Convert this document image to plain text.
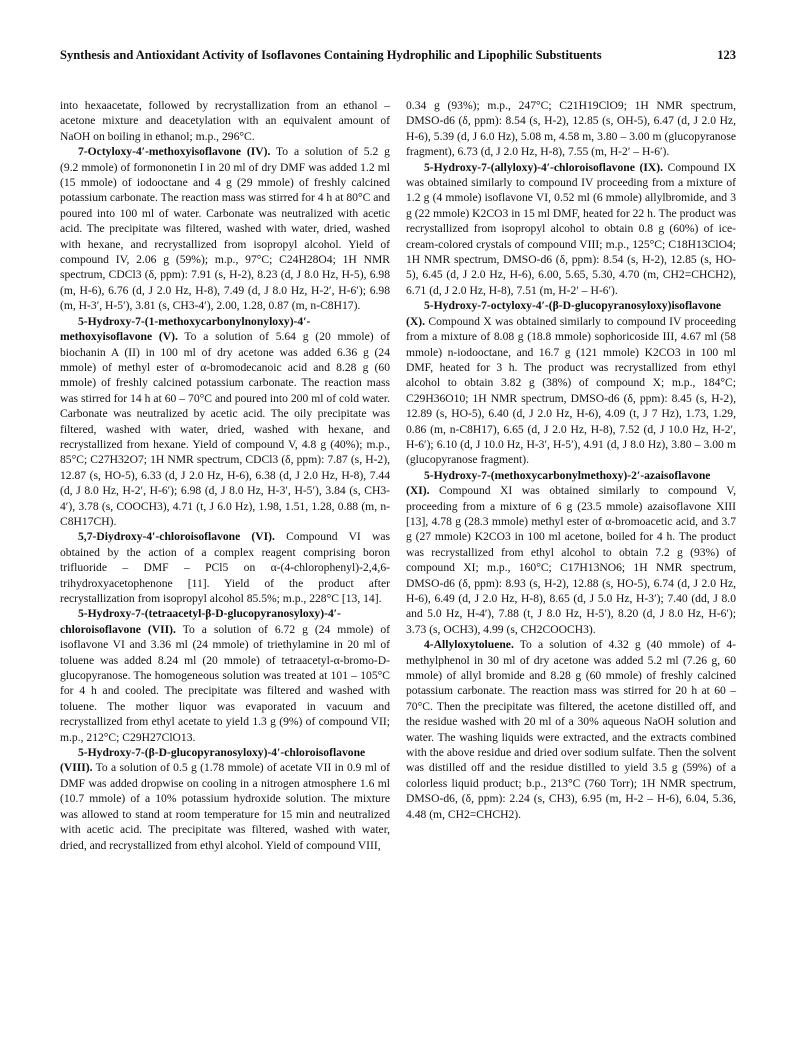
Synthesis and Antioxidant Activity of Isoflavones Containing Hydrophilic and Lipophilic Substituents	123

into hexaacetate, followed by recrystallization from an ethanol – acetone mixture and deacetylation with an equivalent amount of NaOH on boiling in ethanol; m.p., 296°C.

7-Octyloxy-4′-methoxyisoflavone (IV). To a solution of 5.2 g (9.2 mmole) of formononetin I in 20 ml of dry DMF was added 1.2 ml (15 mmole) of iodooctane and 4 g (29 mmole) of freshly calcined potassium carbonate. The reaction mass was stirred for 4 h at 80°C and poured into 100 ml of water. Carbonate was neutralized with acetic acid. The precipitate was filtered, washed with water, dried, washed with hexane, and recrystallized from isopropyl alcohol. Yield of compound IV, 2.06 g (59%); m.p., 97°C; C24H28O4; 1H NMR spectrum, CDCl3 (δ, ppm): 7.91 (s, H-2), 8.23 (d, J 8.0 Hz, H-5), 6.98 (m, H-6), 6.76 (d, J 2.0 Hz, H-8), 7.49 (d, J 8.0 Hz, H-2′, H-6′); 6.98 (m, H-3′, H-5′), 3.81 (s, CH3-4′), 2.00, 1.28, 0.87 (m, n-C8H17).

5-Hydroxy-7-(1-methoxycarbonylnonyloxy)-4′-methoxyisoflavone (V). To a solution of 5.64 g (20 mmole) of biochanin A (II) in 100 ml of dry acetone was added 6.36 g (24 mmole) of methyl ester of α-bromodecanoic acid and 8.28 g (60 mmole) of freshly calcined potassium carbonate. The reaction mass was stirred for 14 h at 60 – 70°C and poured into 200 ml of cold water. Carbonate was neutralized by acetic acid. The oily precipitate was filtered, washed with water, dried, washed with hexane, and recrystallized from hexane. Yield of compound V, 4.8 g (40%); m.p., 85°C; C27H32O7; 1H NMR spectrum, CDCl3 (δ, ppm): 7.87 (s, H-2), 12.87 (s, HO-5), 6.33 (d, J 2.0 Hz, H-6), 6.38 (d, J 2.0 Hz, H-8), 7.44 (d, J 8.0 Hz, H-2′, H-6′); 6.98 (d, J 8.0 Hz, H-3′, H-5′), 3.84 (s, CH3-4′), 3.78 (s, COOCH3), 4.71 (t, J 6.0 Hz), 1.98, 1.51, 1.28, 0.88 (m, n-C8H17CH).

5,7-Diydroxy-4′-chloroisoflavone (VI). Compound VI was obtained by the action of a complex reagent comprising boron trifluoride – DMF – PCl5 on α-(4-chlorophenyl)-2,4,6-trihydroxyacetophenone [11]. Yield of the product after recrystallization from isopropyl alcohol 85.5%; m.p., 228°C [13, 14].

5-Hydroxy-7-(tetraacetyl-β-D-glucopyranosyloxy)-4′-chloroisoflavone (VII). To a solution of 6.72 g (24 mmole) of isoflavone VI and 3.36 ml (24 mmole) of triethylamine in 20 ml of toluene was added 8.24 ml (20 mmole) of tetraacetyl-α-bromo-D-glucopyranose. The homogeneous solution was treated at 101 – 105°C for 4 h and cooled. The precipitate was filtered and washed with toluene. The mother liquor was evaporated in vacuum and recrystallized from ethyl acetate to yield 1.3 g (9%) of compound VII; m.p., 212°C; C29H27ClO13.

5-Hydroxy-7-(β-D-glucopyranosyloxy)-4′-chloroisoflavone (VIII). To a solution of 0.5 g (1.78 mmole) of acetate VII in 0.9 ml of DMF was added dropwise on cooling in a nitrogen atmosphere 1.6 ml (10.7 mmole) of a 10% potassium hydroxide solution. The mixture was allowed to stand at room temperature for 15 min and neutralized with acetic acid. The precipitate was filtered, washed with water, dried, and recrystallized from ethyl alcohol. Yield of compound VIII,

0.34 g (93%); m.p., 247°C; C21H19ClO9; 1H NMR spectrum, DMSO-d6 (δ, ppm): 8.54 (s, H-2), 12.85 (s, OH-5), 6.47 (d, J 2.0 Hz, H-6), 5.39 (d, J 6.0 Hz), 5.08 m, 4.58 m, 3.80 – 3.00 m (glucopyranose fragment), 6.73 (d, J 2.0 Hz, H-8), 7.55 (m, H-2′ – H-6′).

5-Hydroxy-7-(allyloxy)-4′-chloroisoflavone (IX). Compound IX was obtained similarly to compound IV proceeding from a mixture of 1.2 g (4 mmole) isoflavone VI, 0.52 ml (6 mmole) allylbromide, and 3 g (22 mmole) K2CO3 in 15 ml DMF, heated for 22 h. The product was recrystallized from isopropyl alcohol to obtain 0.8 g (60%) of ice-cream-colored crystals of compound VIII; m.p., 125°C; C18H13ClO4; 1H NMR spectrum, DMSO-d6 (δ, ppm): 8.54 (s, H-2), 12.85 (s, HO-5), 6.45 (d, J 2.0 Hz, H-6), 6.00, 5.65, 5.30, 4.70 (m, CH2=CHCH2), 6.71 (d, J 2.0 Hz, H-8), 7.51 (m, H-2′ – H-6′).

5-Hydroxy-7-octyloxy-4′-(β-D-glucopyranosyloxy)isoflavone (X). Compound X was obtained similarly to compound IV proceeding from a mixture of 8.08 g (18.8 mmole) sophoricoside III, 4.67 ml (58 mmole) n-iodooctane, and 16.7 g (121 mmole) K2CO3 in 100 ml DMF, heated for 3 h. The product was recrystallized from ethyl alcohol to obtain 3.82 g (38%) of compound X; m.p., 184°C; C29H36O10; 1H NMR spectrum, DMSO-d6 (δ, ppm): 8.45 (s, H-2), 12.89 (s, HO-5), 6.40 (d, J 2.0 Hz, H-6), 4.09 (t, J 7 Hz), 1.73, 1.29, 0.86 (m, n-C8H17), 6.65 (d, J 2.0 Hz, H-8), 7.52 (d, J 10.0 Hz, H-2′, H-6′); 6.10 (d, J 10.0 Hz, H-3′, H-5′), 4.91 (d, J 8.0 Hz), 3.80 – 3.00 m (glucopyranose fragment).

5-Hydroxy-7-(methoxycarbonylmethoxy)-2′-azaisoflavone (XI). Compound XI was obtained similarly to compound V, proceeding from a mixture of 6 g (23.5 mmole) azaisoflavone XIII [13], 4.78 g (28.3 mmole) methyl ester of α-bromoacetic acid, and 3.7 g (27 mmole) K2CO3 in 100 ml acetone, boiled for 4 h. The product was recrystallized from ethyl alcohol to obtain 7.2 g (93%) of compound XI; m.p., 160°C; C17H13NO6; 1H NMR spectrum, DMSO-d6 (δ, ppm): 8.93 (s, H-2), 12.88 (s, HO-5), 6.74 (d, J 2.0 Hz, H-6), 6.49 (d, J 2.0 Hz, H-8), 8.65 (d, J 5.0 Hz, H-3′); 7.40 (dd, J 8.0 and 5.0 Hz, H-4′), 7.88 (t, J 8.0 Hz, H-5′), 8.20 (d, J 8.0 Hz, H-6′); 3.73 (s, OCH3), 4.99 (s, CH2COOCH3).

4-Allyloxytoluene. To a solution of 4.32 g (40 mmole) of 4-methylphenol in 30 ml of dry acetone was added 5.2 ml (7.26 g, 60 mmole) of allyl bromide and 8.28 g (60 mmole) of freshly calcined potassium carbonate. The reaction mass was stirred for 20 h at 60 – 70°C. Then the precipitate was filtered, the acetone distilled off, and the residue washed with 20 ml of a 30% aqueous NaOH solution and water. The washing liquids were extracted, and the extracts combined with the above residue and dried over sodium sulfate. Then the solvent was distilled off and the residue distilled to yield 3.5 g (59%) of a colorless liquid product; b.p., 213°C (760 Torr); 1H NMR spectrum, DMSO-d6, (δ, ppm): 2.24 (s, CH3), 6.95 (m, H-2 – H-6), 6.04, 5.36, 4.48 (m, CH2=CHCH2).
